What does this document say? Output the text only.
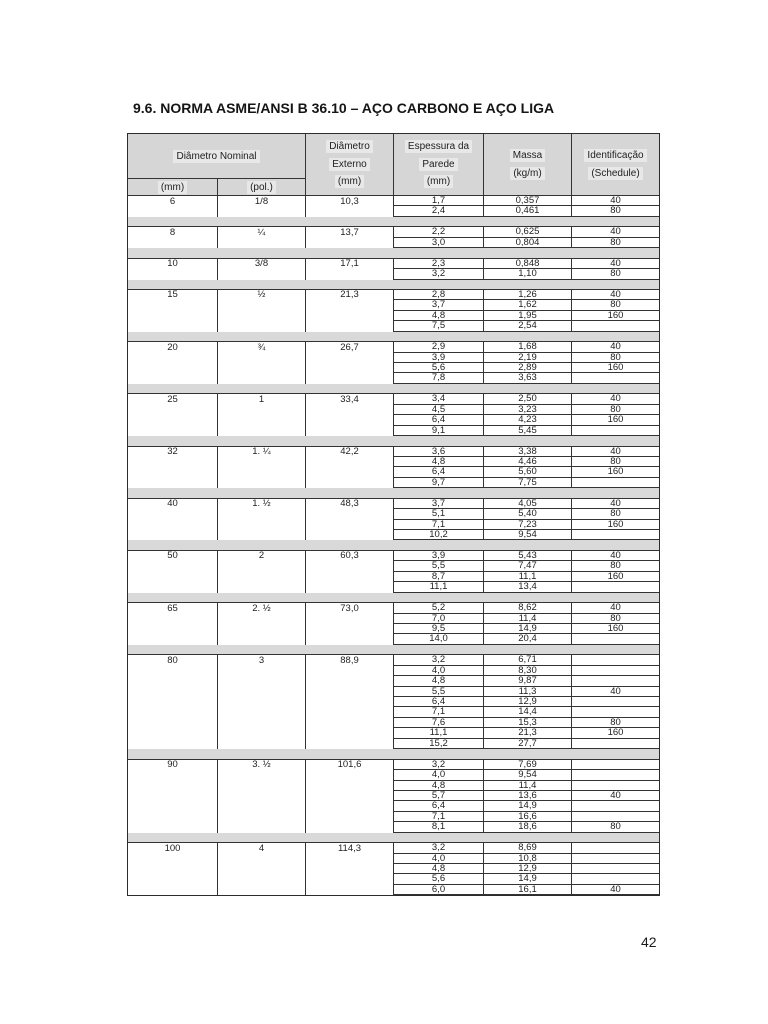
9.6. NORMA ASME/ANSI B 36.10 – AÇO CARBONO E AÇO LIGA
Diâmetro Nominal
(mm)	(pol.)
Diâmetro
Externo
(mm)
Espessura da
Parede
(mm)
Massa
(kg/m)
Identificação
(Schedule)
6	1/8	10,3	1,7	0,357	40
2,4	0,461	80
8	¼	13,7	2,2	0,625	40
3,0	0,804	80
10	3/8	17,1	2,3	0,848	40
3,2	1,10	80
15	½	21,3	2,8	1,26	40
3,7	1,62	80
4,8	1,95	160
7,5	2,54
20	¾	26,7	2,9	1,68	40
3,9	2,19	80
5,6	2,89	160
7,8	3,63
25	1	33,4	3,4	2,50	40
4,5	3,23	80
6,4	4,23	160
9,1	5,45
32	1. ¼	42,2	3,6	3,38	40
4,8	4,46	80
6,4	5,60	160
9,7	7,75
40	1. ½	48,3	3,7	4,05	40
5,1	5,40	80
7,1	7,23	160
10,2	9,54
50	2	60,3	3,9	5,43	40
5,5	7,47	80
8,7	11,1	160
11,1	13,4
65	2. ½	73,0	5,2	8,62	40
7,0	11,4	80
9,5	14,9	160
14,0	20,4
80	3	88,9	3,2	6,71
4,0	8,30
4,8	9,87
5,5	11,3	40
6,4	12,9
7,1	14,4
7,6	15,3	80
11,1	21,3	160
15,2	27,7
90	3. ½	101,6	3,2	7,69
4,0	9,54
4,8	11,4
5,7	13,6	40
6,4	14,9
7,1	16,6
8,1	18,6	80
100	4	114,3	3,2	8,69
4,0	10,8
4,8	12,9
5,6	14,9
6,0	16,1	40
42
